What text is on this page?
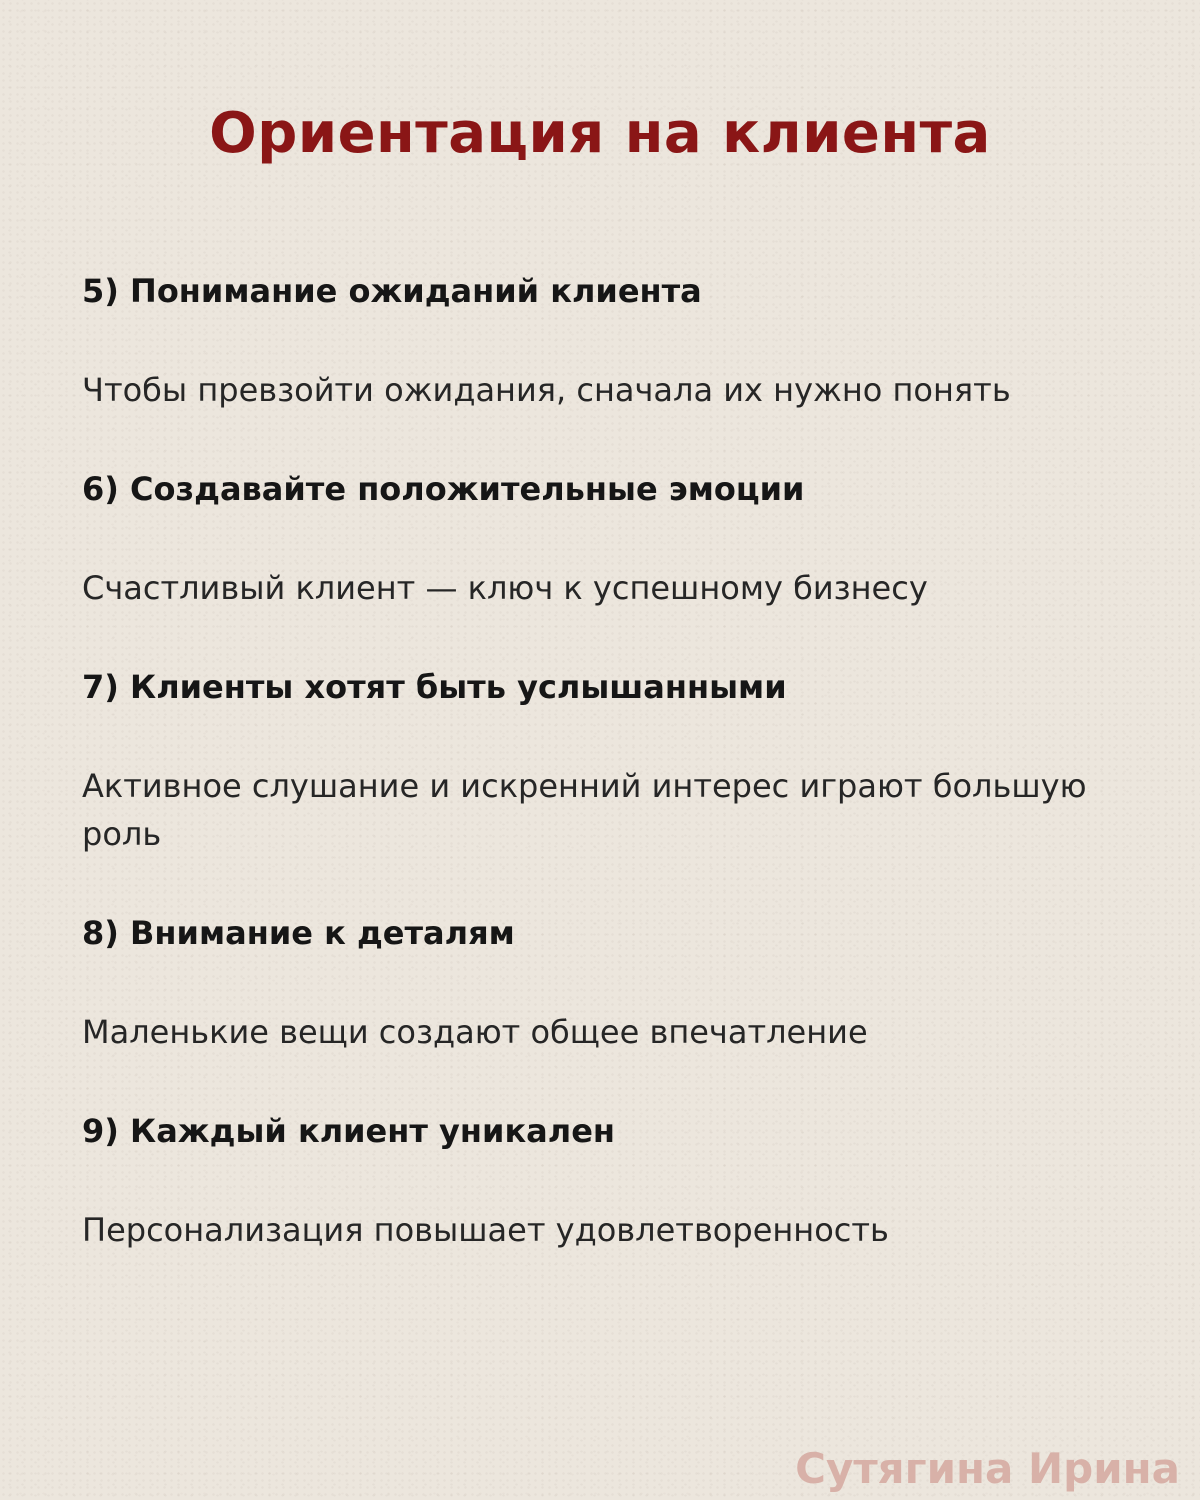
Ориентация на клиента

5) Понимание ожиданий клиента

Чтобы превзойти ожидания, сначала их нужно понять

6) Создавайте положительные эмоции

Счастливый клиент — ключ к успешному бизнесу

7) Клиенты хотят быть услышанными

Активное слушание и искренний интерес играют большую роль

8) Внимание к деталям

Маленькие вещи создают общее впечатление

9) Каждый клиент уникален

Персонализация повышает удовлетворенность

Сутягина Ирина
